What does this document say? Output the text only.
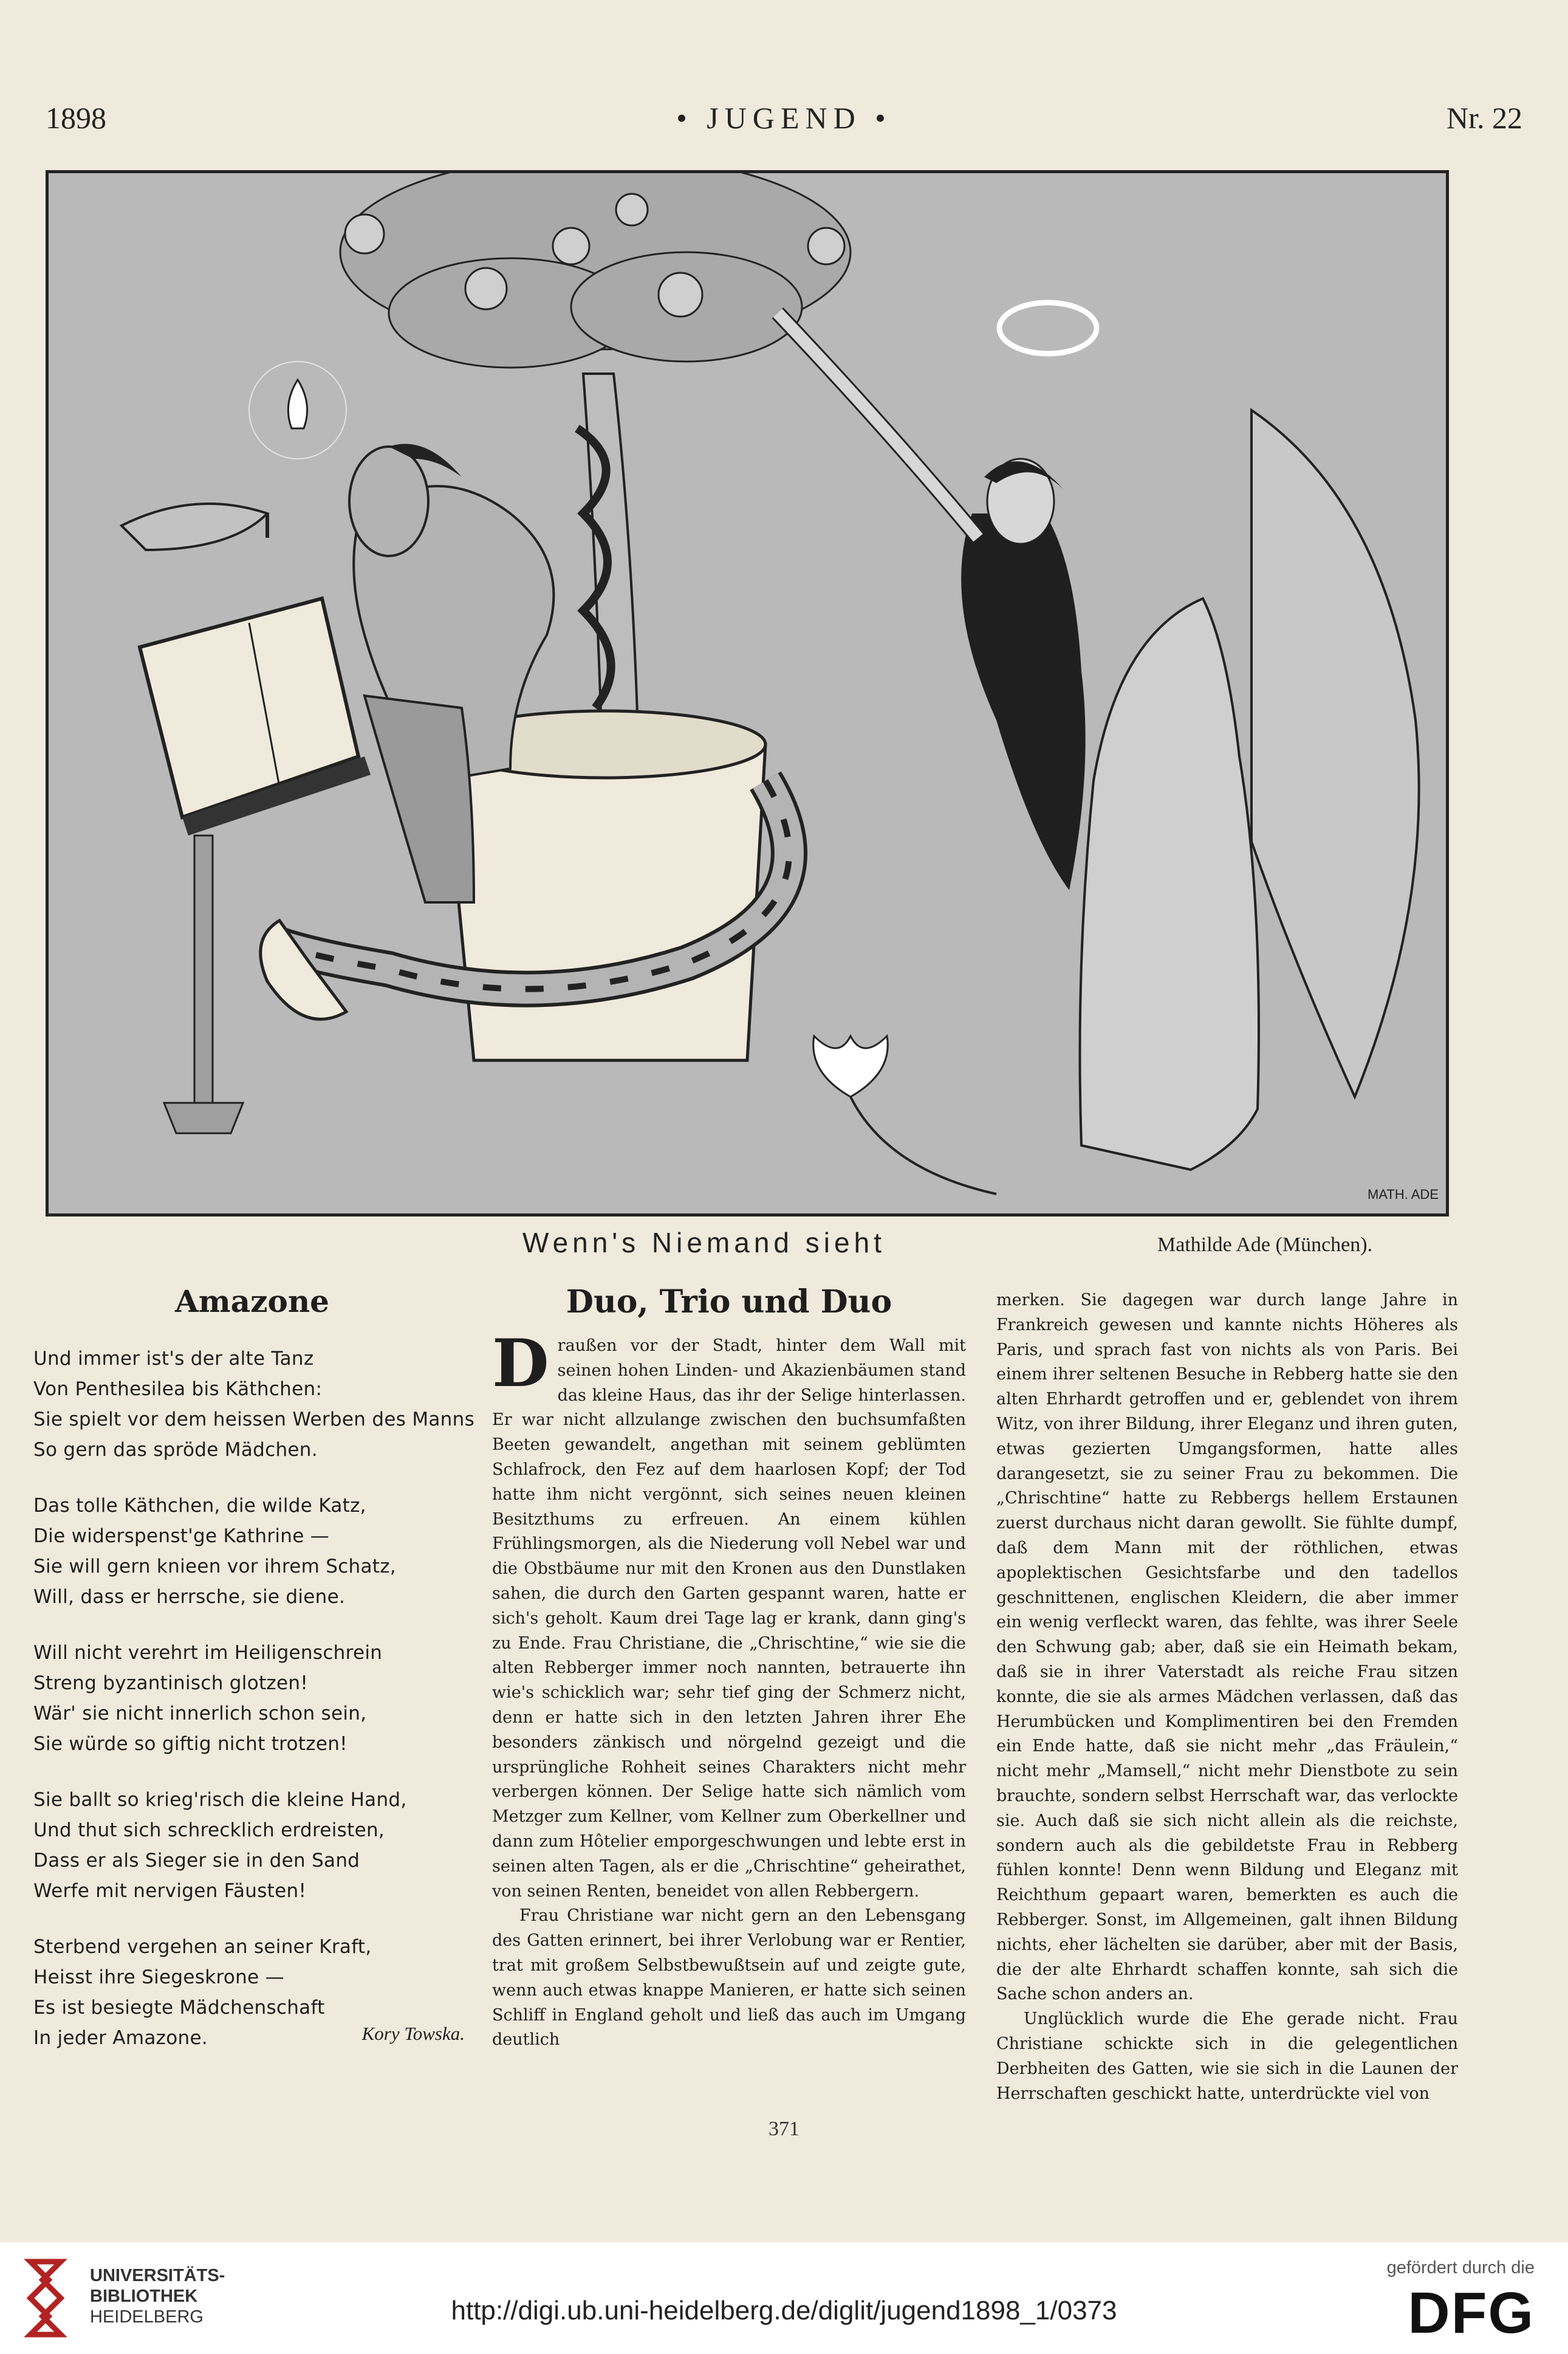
1898	• JUGEND •	Nr. 22
MATH. ADE
Wenn's Niemand sieht	Mathilde Ade (München).
Amazone
Und immer ist's der alte Tanz
Von Penthesilea bis Käthchen:
Sie spielt vor dem heissen Werben des Manns
So gern das spröde Mädchen.
Das tolle Käthchen, die wilde Katz,
Die widerspenst'ge Kathrine —
Sie will gern knieen vor ihrem Schatz,
Will, dass er herrsche, sie diene.
Will nicht verehrt im Heiligenschrein
Streng byzantinisch glotzen!
Wär' sie nicht innerlich schon sein,
Sie würde so giftig nicht trotzen!
Sie ballt so krieg'risch die kleine Hand,
Und thut sich schrecklich erdreisten,
Dass er als Sieger sie in den Sand
Werfe mit nervigen Fäusten!
Sterbend vergehen an seiner Kraft,
Heisst ihre Siegeskrone —
Es ist besiegte Mädchenschaft
In jeder Amazone.	Kory Towska.
Duo, Trio und Duo

Draußen vor der Stadt, hinter dem Wall mit seinen hohen Linden- und Akazienbäumen stand das kleine Haus, das ihr der Selige hinterlassen. Er war nicht allzulange zwischen den buchsumfaßten Beeten gewandelt, angethan mit seinem geblümten Schlafrock, den Fez auf dem haarlosen Kopf; der Tod hatte ihm nicht vergönnt, sich seines neuen kleinen Besitzthums zu erfreuen. An einem kühlen Frühlingsmorgen, als die Niederung voll Nebel war und die Obstbäume nur mit den Kronen aus den Dunstlaken sahen, die durch den Garten gespannt waren, hatte er sich's geholt. Kaum drei Tage lag er krank, dann ging's zu Ende. Frau Christiane, die „Chrischtine,“ wie sie die alten Rebberger immer noch nannten, betrauerte ihn wie's schicklich war; sehr tief ging der Schmerz nicht, denn er hatte sich in den letzten Jahren ihrer Ehe besonders zänkisch und nörgelnd gezeigt und die ursprüngliche Rohheit seines Charakters nicht mehr verbergen können. Der Selige hatte sich nämlich vom Metzger zum Kellner, vom Kellner zum Oberkellner und dann zum Hôtelier emporgeschwungen und lebte erst in seinen alten Tagen, als er die „Chrischtine“ geheirathet, von seinen Renten, beneidet von allen Rebbergern.

Frau Christiane war nicht gern an den Lebensgang des Gatten erinnert, bei ihrer Verlobung war er Rentier, trat mit großem Selbstbewußtsein auf und zeigte gute, wenn auch etwas knappe Manieren, er hatte sich seinen Schliff in England geholt und ließ das auch im Umgang deutlich

merken. Sie dagegen war durch lange Jahre in Frankreich gewesen und kannte nichts Höheres als Paris, und sprach fast von nichts als von Paris. Bei einem ihrer seltenen Besuche in Rebberg hatte sie den alten Ehrhardt getroffen und er, geblendet von ihrem Witz, von ihrer Bildung, ihrer Eleganz und ihren guten, etwas gezierten Umgangsformen, hatte alles darangesetzt, sie zu seiner Frau zu bekommen. Die „Chrischtine“ hatte zu Rebbergs hellem Erstaunen zuerst durchaus nicht daran gewollt. Sie fühlte dumpf, daß dem Mann mit der röthlichen, etwas apoplektischen Gesichtsfarbe und den tadellos geschnittenen, englischen Kleidern, die aber immer ein wenig verfleckt waren, das fehlte, was ihrer Seele den Schwung gab; aber, daß sie ein Heimath bekam, daß sie in ihrer Vaterstadt als reiche Frau sitzen konnte, die sie als armes Mädchen verlassen, daß das Herumbücken und Komplimentiren bei den Fremden ein Ende hatte, daß sie nicht mehr „das Fräulein,“ nicht mehr „Mamsell,“ nicht mehr Dienstbote zu sein brauchte, sondern selbst Herrschaft war, das verlockte sie. Auch daß sie sich nicht allein als die reichste, sondern auch als die gebildetste Frau in Rebberg fühlen konnte! Denn wenn Bildung und Eleganz mit Reichthum gepaart waren, bemerkten es auch die Rebberger. Sonst, im Allgemeinen, galt ihnen Bildung nichts, eher lächelten sie darüber, aber mit der Basis, die der alte Ehrhardt schaffen konnte, sah sich die Sache schon anders an.

Unglücklich wurde die Ehe gerade nicht. Frau Christiane schickte sich in die gelegentlichen Derbheiten des Gatten, wie sie sich in die Launen der Herrschaften geschickt hatte, unterdrückte viel von

371
UNIVERSITÄTS-
BIBLIOTHEK
HEIDELBERG	http://digi.ub.uni-heidelberg.de/diglit/jugend1898_1/0373
gefördert durch die
DFG
